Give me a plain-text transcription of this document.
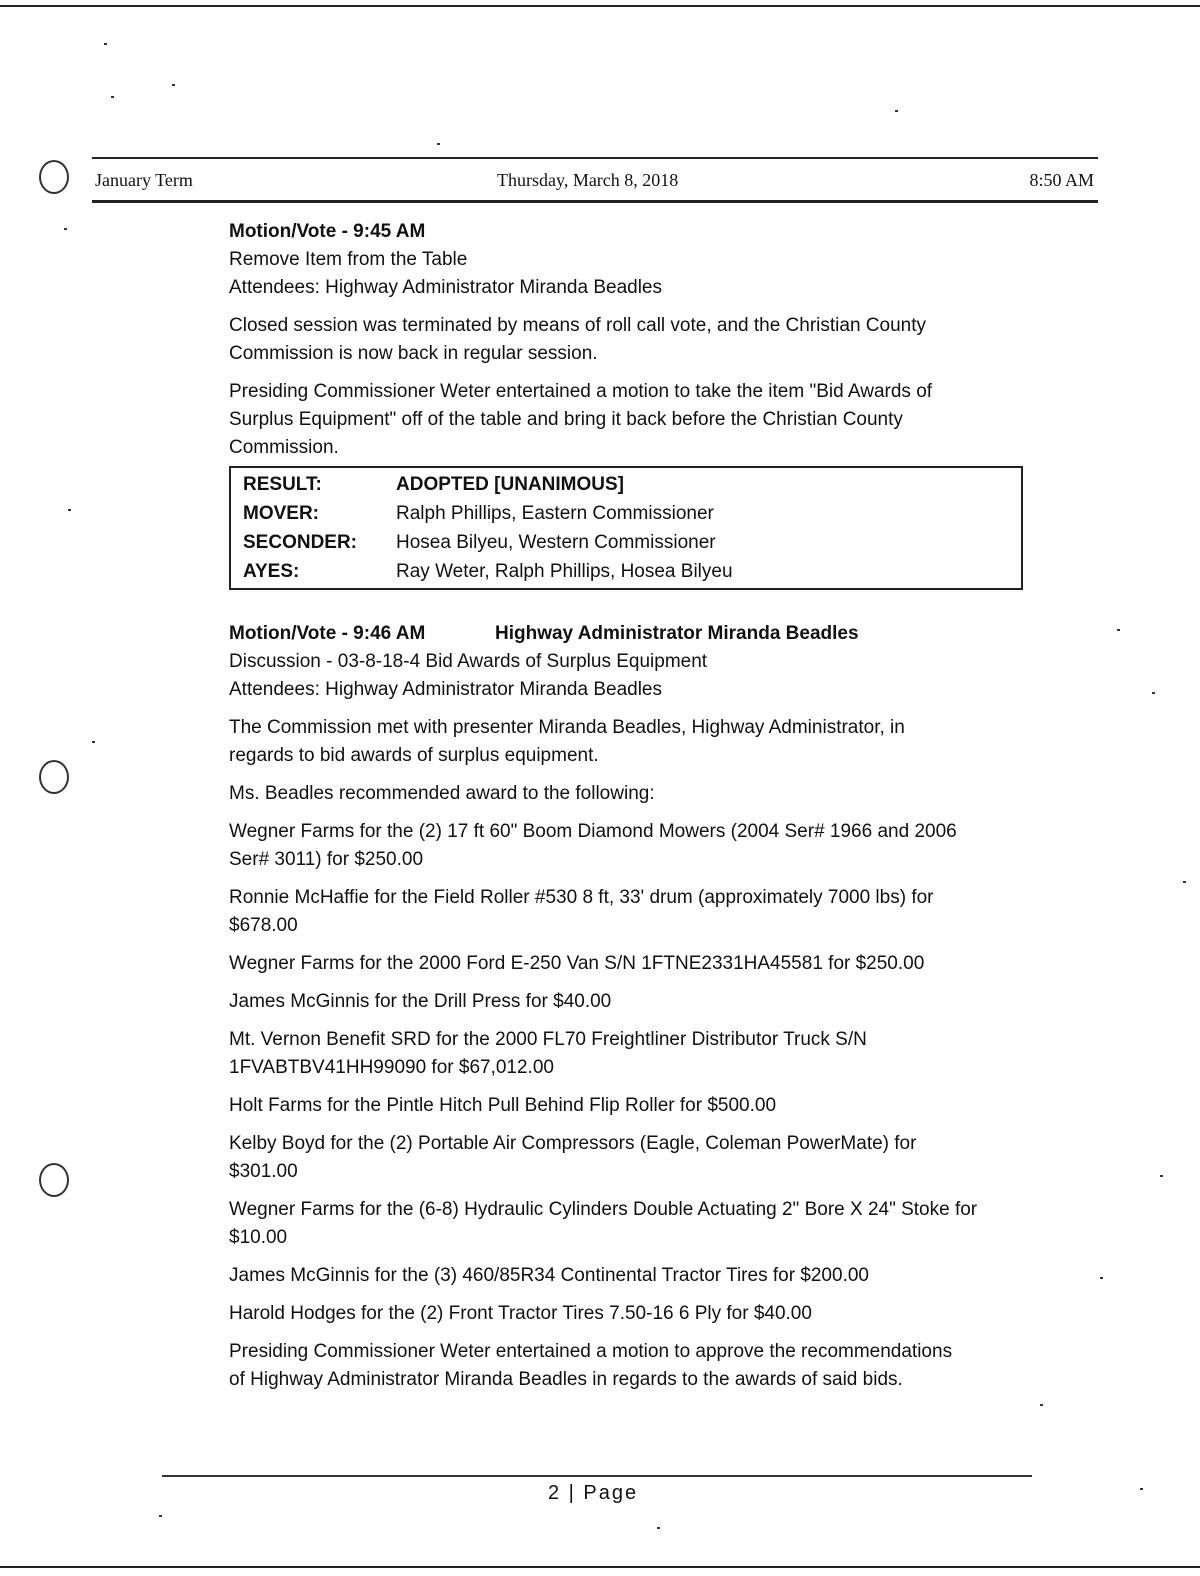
January Term	Thursday, March 8, 2018	8:50 AM
Motion/Vote - 9:45 AM
Remove Item from the Table
Attendees: Highway Administrator Miranda Beadles
Closed session was terminated by means of roll call vote, and the Christian County
Commission is now back in regular session.
Presiding Commissioner Weter entertained a motion to take the item "Bid Awards of
Surplus Equipment" off of the table and bring it back before the Christian County
Commission.
RESULT:	ADOPTED [UNANIMOUS]
MOVER:	Ralph Phillips, Eastern Commissioner
SECONDER:	Hosea Bilyeu, Western Commissioner
AYES:	Ray Weter, Ralph Phillips, Hosea Bilyeu
Motion/Vote - 9:46 AM	Highway Administrator Miranda Beadles
Discussion - 03-8-18-4 Bid Awards of Surplus Equipment
Attendees: Highway Administrator Miranda Beadles
The Commission met with presenter Miranda Beadles, Highway Administrator, in
regards to bid awards of surplus equipment.
Ms. Beadles recommended award to the following:
Wegner Farms for the (2) 17 ft 60" Boom Diamond Mowers (2004 Ser# 1966 and 2006
Ser# 3011) for $250.00
Ronnie McHaffie for the Field Roller #530 8 ft, 33' drum (approximately 7000 lbs) for
$678.00
Wegner Farms for the 2000 Ford E-250 Van S/N 1FTNE2331HA45581 for $250.00
James McGinnis for the Drill Press for $40.00
Mt. Vernon Benefit SRD for the 2000 FL70 Freightliner Distributor Truck S/N
1FVABTBV41HH99090 for $67,012.00
Holt Farms for the Pintle Hitch Pull Behind Flip Roller for $500.00
Kelby Boyd for the (2) Portable Air Compressors (Eagle, Coleman PowerMate) for
$301.00
Wegner Farms for the (6-8) Hydraulic Cylinders Double Actuating 2" Bore X 24" Stoke for
$10.00
James McGinnis for the (3) 460/85R34 Continental Tractor Tires for $200.00
Harold Hodges for the (2) Front Tractor Tires 7.50-16 6 Ply for $40.00
Presiding Commissioner Weter entertained a motion to approve the recommendations
of Highway Administrator Miranda Beadles in regards to the awards of said bids.
2 | Page
